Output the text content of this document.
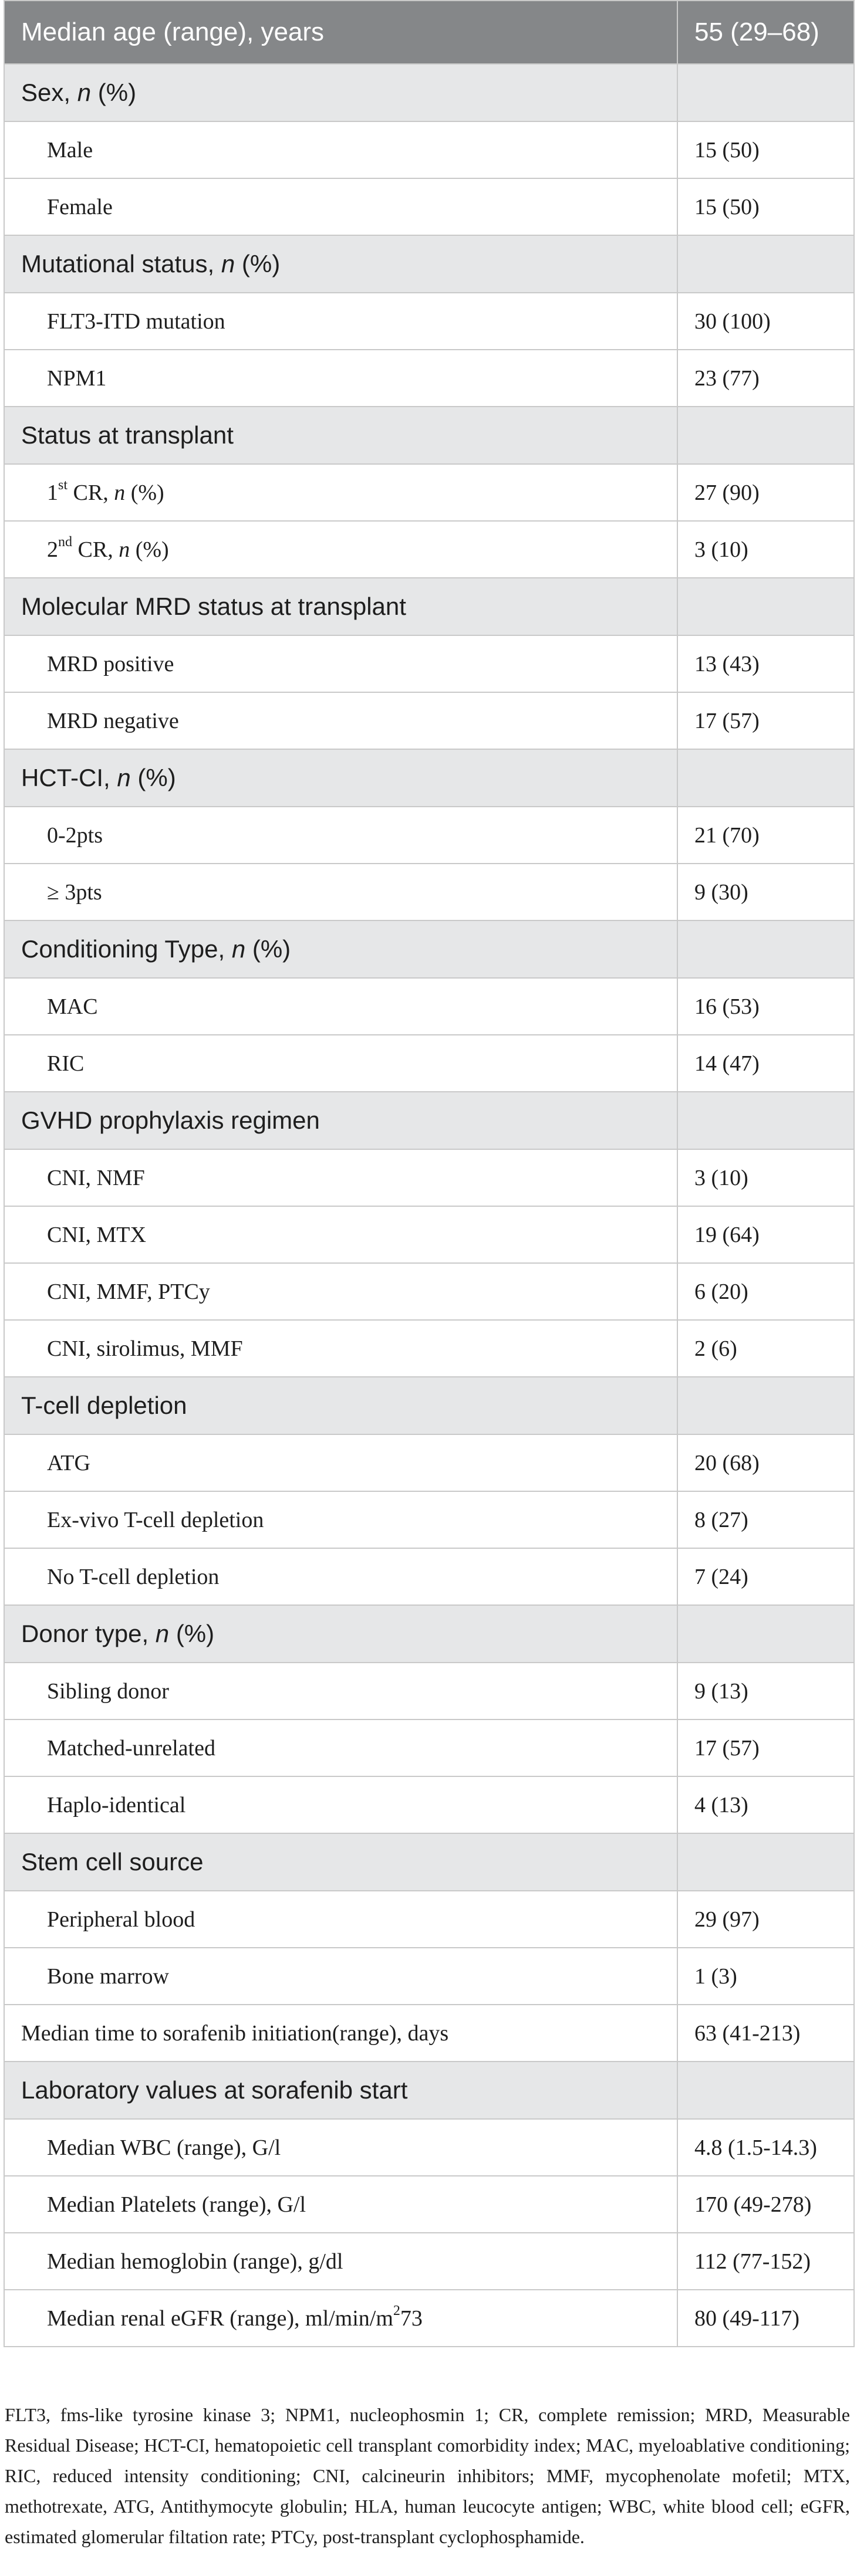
Median age (range), years	55 (29–68)
Sex, n (%)	
Male	15 (50)
Female	15 (50)
Mutational status, n (%)	
FLT3-ITD mutation	30 (100)
NPM1	23 (77)
Status at transplant	
1st CR, n (%)	27 (90)
2nd CR, n (%)	3 (10)
Molecular MRD status at transplant	
MRD positive	13 (43)
MRD negative	17 (57)
HCT-CI, n (%)	
0-2pts	21 (70)
≥ 3pts	9 (30)
Conditioning Type, n (%)	
MAC	16 (53)
RIC	14 (47)
GVHD prophylaxis regimen	
CNI, NMF	3 (10)
CNI, MTX	19 (64)
CNI, MMF, PTCy	6 (20)
CNI, sirolimus, MMF	2 (6)
T-cell depletion	
ATG	20 (68)
Ex-vivo T-cell depletion	8 (27)
No T-cell depletion	7 (24)
Donor type, n (%)	
Sibling donor	9 (13)
Matched-unrelated	17 (57)
Haplo-identical	4 (13)
Stem cell source	
Peripheral blood	29 (97)
Bone marrow	1 (3)
Median time to sorafenib initiation(range), days	63 (41-213)
Laboratory values at sorafenib start	
Median WBC (range), G/l	4.8 (1.5-14.3)
Median Platelets (range), G/l	170 (49-278)
Median hemoglobin (range), g/dl	112 (77-152)
Median renal eGFR (range), $ml/\min/m^273$	80 (49-117)

FLT3, fms-like tyrosine kinase 3; NPM1, nucleophosmin 1; CR, complete remission; MRD, Measurable Residual Disease; HCT-CI, hematopoietic cell transplant comorbidity index; MAC, myeloablative conditioning; RIC, reduced intensity conditioning; CNI, calcineurin inhibitors; MMF, mycophenolate mofetil; MTX, methotrexate, ATG, Antithymocyte globulin; HLA, human leucocyte antigen; WBC, white blood cell; eGFR, estimated glomerular filtation rate; PTCy, post-transplant cyclophosphamide.
